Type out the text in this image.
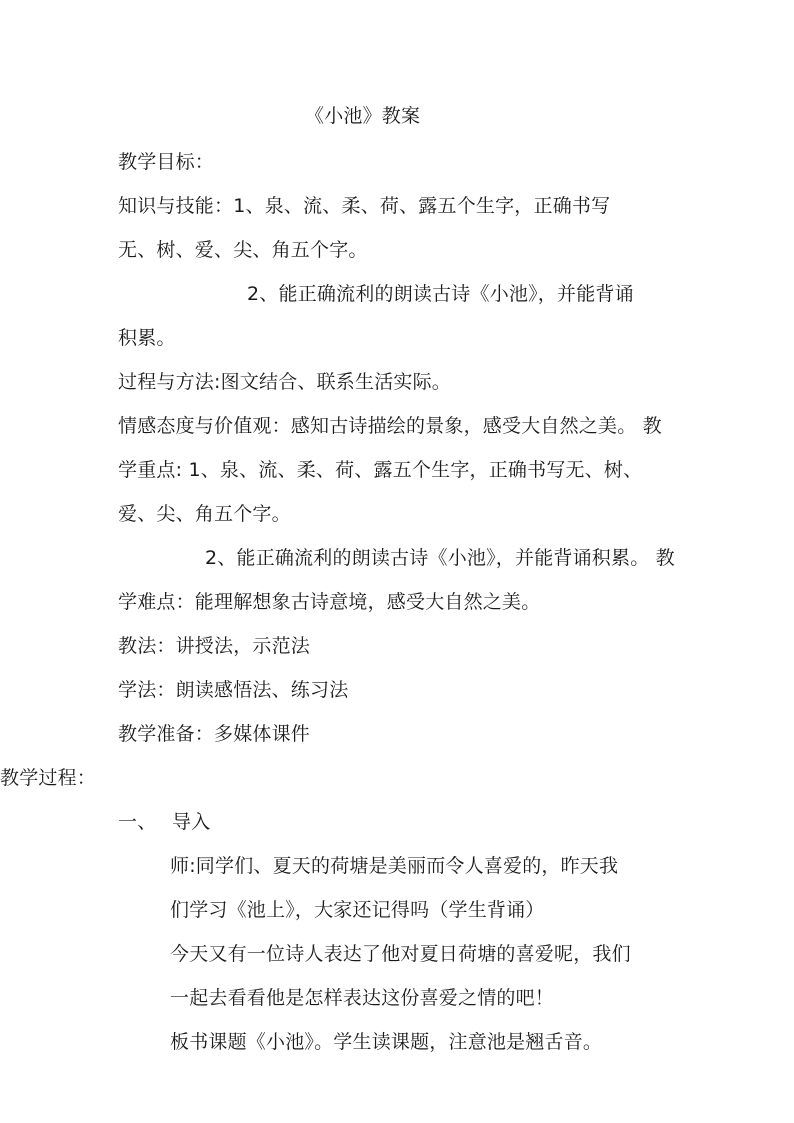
《小池》教案
教学目标：
知识与技能：1、泉、流、柔、荷、露五个生字，正确书写
无、树、爱、尖、角五个字。
2、能正确流利的朗读古诗《小池》，并能背诵
积累。
过程与方法:图文结合、联系生活实际。
情感态度与价值观：感知古诗描绘的景象，感受大自然之美。 教
学重点: 1、泉、流、柔、荷、露五个生字，正确书写无、树、
爱、尖、角五个字。
2、能正确流利的朗读古诗《小池》，并能背诵积累。 教
学难点：能理解想象古诗意境，感受大自然之美。
教法：讲授法，示范法
学法：朗读感悟法、练习法
教学准备：多媒体课件
教学过程：
一、 导入
师:同学们、夏天的荷塘是美丽而令人喜爱的，昨天我
们学习《池上》，大家还记得吗（学生背诵）
今天又有一位诗人表达了他对夏日荷塘的喜爱呢，我们
一起去看看他是怎样表达这份喜爱之情的吧！
板书课题《小池》。学生读课题，注意池是翘舌音。
